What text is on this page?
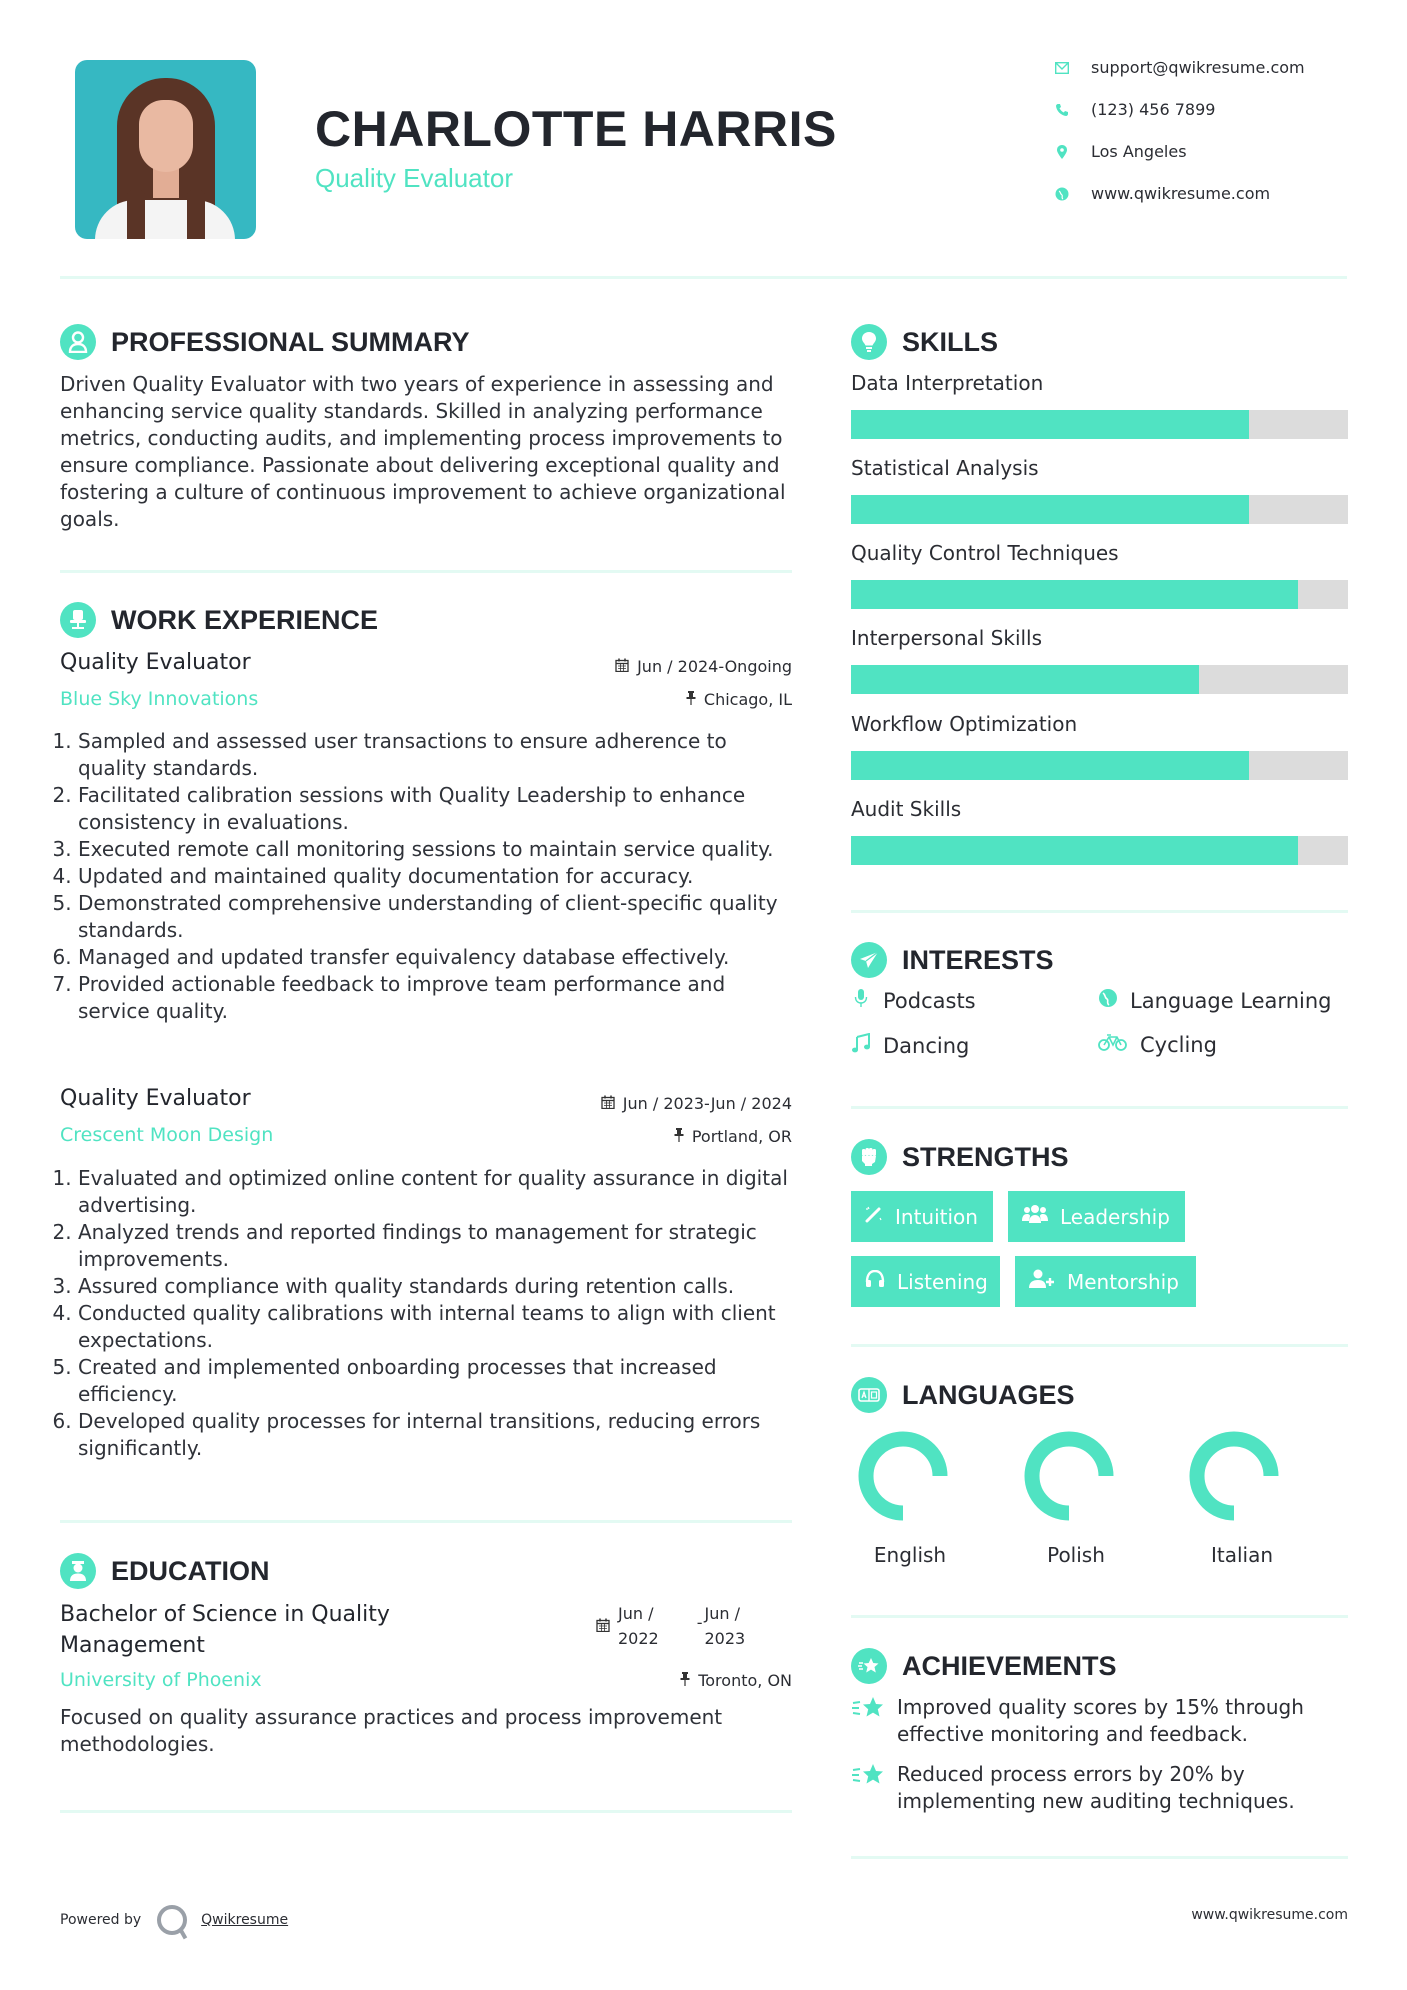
CHARLOTTE HARRIS
Quality Evaluator
support@qwikresume.com
(123) 456 7899
Los Angeles
www.qwikresume.com
PROFESSIONAL SUMMARY
Driven Quality Evaluator with two years of experience in assessing and enhancing service quality standards. Skilled in analyzing performance metrics, conducting audits, and implementing process improvements to ensure compliance. Passionate about delivering exceptional quality and fostering a culture of continuous improvement to achieve organizational goals.
WORK EXPERIENCE
Quality Evaluator	Jun / 2024-Ongoing
Blue Sky Innovations	Chicago, IL
1. Sampled and assessed user transactions to ensure adherence to quality standards.
2. Facilitated calibration sessions with Quality Leadership to enhance consistency in evaluations.
3. Executed remote call monitoring sessions to maintain service quality.
4. Updated and maintained quality documentation for accuracy.
5. Demonstrated comprehensive understanding of client-specific quality standards.
6. Managed and updated transfer equivalency database effectively.
7. Provided actionable feedback to improve team performance and service quality.
Quality Evaluator	Jun / 2023-Jun / 2024
Crescent Moon Design	Portland, OR
1. Evaluated and optimized online content for quality assurance in digital advertising.
2. Analyzed trends and reported findings to management for strategic improvements.
3. Assured compliance with quality standards during retention calls.
4. Conducted quality calibrations with internal teams to align with client expectations.
5. Created and implemented onboarding processes that increased efficiency.
6. Developed quality processes for internal transitions, reducing errors significantly.
EDUCATION
Bachelor of Science in Quality Management
Jun /
2022
- Jun /
2023
University of Phoenix	Toronto, ON
Focused on quality assurance practices and process improvement methodologies.
SKILLS
Data Interpretation
Statistical Analysis
Quality Control Techniques
Interpersonal Skills
Workflow Optimization
Audit Skills
INTERESTS
Podcasts	Language Learning
Dancing	Cycling
STRENGTHS
Intuition	Leadership
Listening	Mentorship
LANGUAGES
English	Polish	Italian
ACHIEVEMENTS
Improved quality scores by 15% through effective monitoring and feedback.
Reduced process errors by 20% by implementing new auditing techniques.
Powered by	Qwikresume	www.qwikresume.com
